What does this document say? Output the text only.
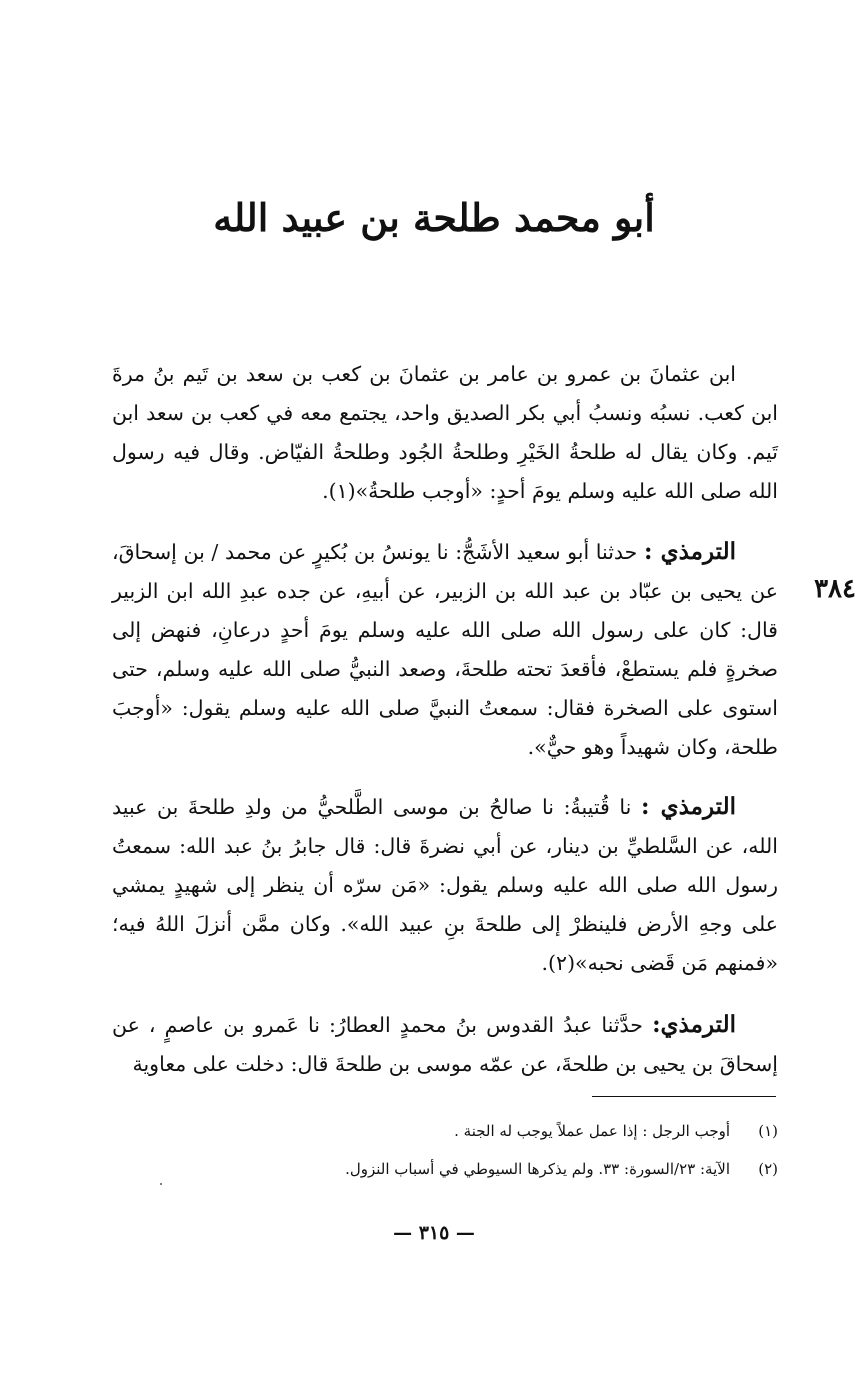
أبو محمد طلحة بن عبيد الله

ابن عثمانَ بن عمرو بن عامر بن عثمانَ بن كعب بن سعد بن تَيم بنُ مرةَ ابن كعب. نسبُه ونسبُ أبي بكر الصديق واحد، يجتمع معه في كعب بن سعد ابن تَيم. وكان يقال له طلحةُ الخَيْرِ وطلحةُ الجُود وطلحةُ الفيّاض. وقال فيه رسول الله صلى الله عليه وسلم يومَ أحدٍ: «أوجب طلحةُ»(١).

٣٨٤

الترمذي : حدثنا أبو سعيد الأشَجُّ: نا يونسُ بن بُكيرٍ عن محمد / بن إسحاقَ، عن يحيى بن عبّاد بن عبد الله بن الزبير، عن أبيهِ، عن جده عبدِ الله ابن الزبير قال: كان على رسول الله صلى الله عليه وسلم يومَ أحدٍ درعانِ، فنهض إلى صخرةٍ فلم يستطعْ، فأقعدَ تحته طلحةَ، وصعد النبيُّ صلى الله عليه وسلم، حتى استوى على الصخرة فقال: سمعتُ النبيَّ صلى الله عليه وسلم يقول: «أوجبَ طلحة، وكان شهيداً وهو حيٌّ».

الترمذي : نا قُتيبةُ: نا صالحُ بن موسى الطَّلحيُّ من ولدِ طلحةَ بن عبيد الله، عن السَّلطيِّ بن دينار، عن أبي نضرةَ قال: قال جابرُ بنُ عبد الله: سمعتُ رسول الله صلى الله عليه وسلم يقول: «مَن سرّه أن ينظر إلى شهيدٍ يمشي على وجهِ الأرض فلينظرْ إلى طلحةَ بنِ عبيد الله». وكان ممَّن أنزلَ اللهُ فيه؛ «فمنهم مَن قَضى نحبه»(٢).

الترمذي: حدَّثنا عبدُ القدوس بنُ محمدٍ العطارُ: نا عَمرو بن عاصمٍ ، عن إسحاقَ بن يحيى بن طلحةَ، عن عمّه موسى بن طلحةَ قال: دخلت على معاوية

(١)أوجب الرجل : إذا عمل عملاً يوجب له الجنة .
(٢)الآية: ٢٣/السورة: ٣٣. ولم يذكرها السيوطي في أسباب النزول.
— ٣١٥ —
